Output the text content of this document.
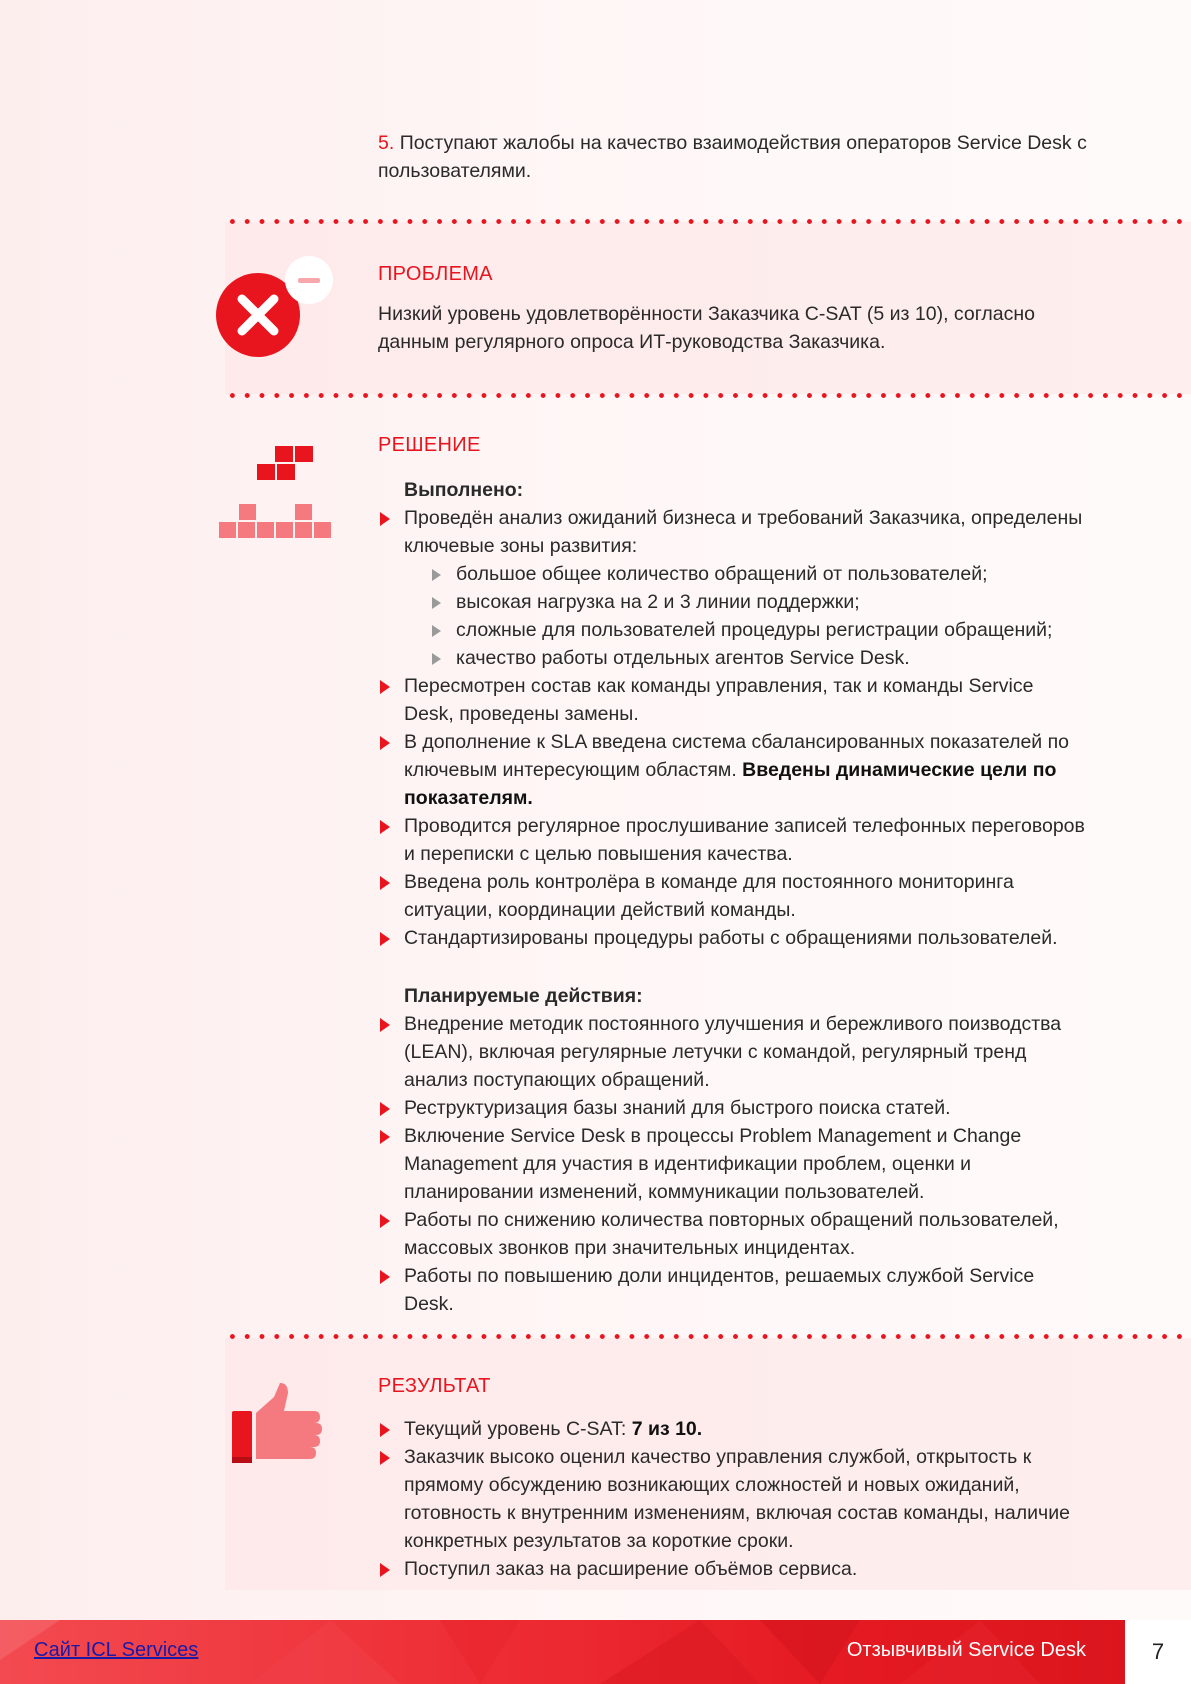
5. Поступают жалобы на качество взаимодействия операторов Service Desk с пользователями.
ПРОБЛЕМА
Низкий уровень удовлетворённости Заказчика C-SAT (5 из 10), согласно данным регулярного опроса ИТ-руководства Заказчика.
РЕШЕНИЕ

Выполнено:

Проведён анализ ожиданий бизнеса и требований Заказчика, определены ключевые зоны развития:
большое общее количество обращений от пользователей;
высокая нагрузка на 2 и 3 линии поддержки;
сложные для пользователей процедуры регистрации обращений;
качество работы отдельных агентов Service Desk.
Пересмотрен состав как команды управления, так и команды Service Desk, проведены замены.
В дополнение к SLA введена система сбалансированных показателей по ключевым интересующим областям. Введены динамические цели по показателям.
Проводится регулярное прослушивание записей телефонных переговоров и переписки с целью повышения качества.
Введена роль контролёра в команде для постоянного мониторинга ситуации, координации действий команды.
Стандартизированы процедуры работы с обращениями пользователей.

Планируемые действия:

Внедрение методик постоянного улучшения и бережливого поизводства (LEAN), включая регулярные летучки с командой, регулярный тренд анализ поступающих обращений.
Реструктуризация базы знаний для быстрого поиска статей.
Включение Service Desk в процессы Problem Management и Change Management для участия в идентификации проблем, оценки и планировании изменений, коммуникации пользователей.
Работы по снижению количества повторных обращений пользователей, массовых звонков при значительных инцидентах.
Работы по повышению доли инцидентов, решаемых службой Service Desk.
РЕЗУЛЬТАТ
Текущий уровень C-SAT: 7 из 10.
Заказчик высоко оценил качество управления службой, открытость к прямому обсуждению возникающих сложностей и новых ожиданий, готовность к внутренним изменениям, включая состав команды, наличие конкретных результатов за короткие сроки.
Поступил заказ на расширение объёмов сервиса.
Сайт ICL Services	Отзывчивый Service Desk	7
